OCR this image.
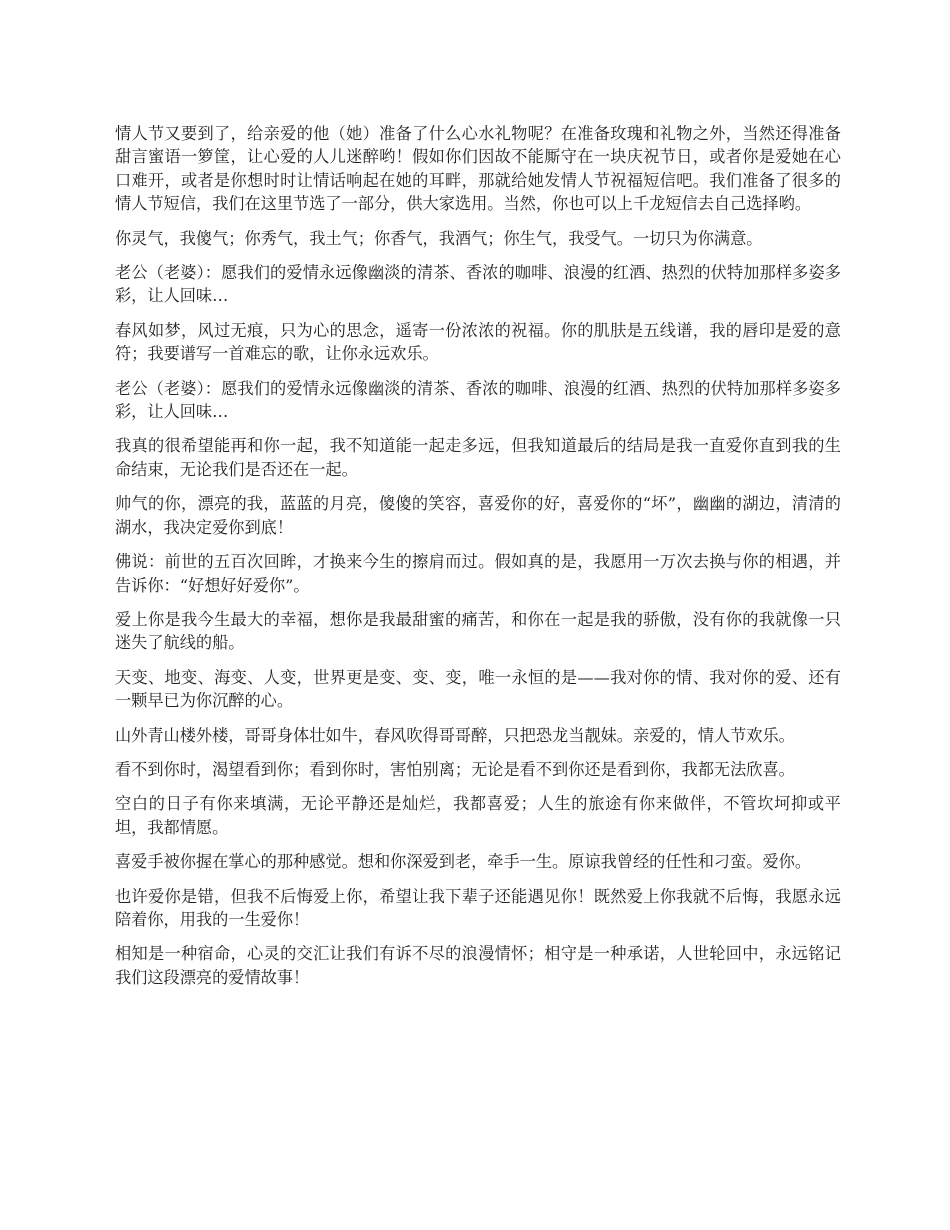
情人节又要到了，给亲爱的他（她）准备了什么心水礼物呢？在准备玫瑰和礼物之外，当然还得准备甜言蜜语一箩筐，让心爱的人儿迷醉哟！假如你们因故不能厮守在一块庆祝节日，或者你是爱她在心口难开，或者是你想时时让情话响起在她的耳畔，那就给她发情人节祝福短信吧。我们准备了很多的情人节短信，我们在这里节选了一部分，供大家选用。当然，你也可以上千龙短信去自己选择哟。

你灵气，我傻气；你秀气，我土气；你香气，我酒气；你生气，我受气。一切只为你满意。

老公（老婆）：愿我们的爱情永远像幽淡的清茶、香浓的咖啡、浪漫的红酒、热烈的伏特加那样多姿多彩，让人回味…

春风如梦，风过无痕，只为心的思念，遥寄一份浓浓的祝福。你的肌肤是五线谱，我的唇印是爱的意符；我要谱写一首难忘的歌，让你永远欢乐。

老公（老婆）：愿我们的爱情永远像幽淡的清茶、香浓的咖啡、浪漫的红酒、热烈的伏特加那样多姿多彩，让人回味…

我真的很希望能再和你一起，我不知道能一起走多远，但我知道最后的结局是我一直爱你直到我的生命结束，无论我们是否还在一起。

帅气的你，漂亮的我，蓝蓝的月亮，傻傻的笑容，喜爱你的好，喜爱你的“坏”，幽幽的湖边，清清的湖水，我决定爱你到底！

佛说：前世的五百次回眸，才换来今生的擦肩而过。假如真的是，我愿用一万次去换与你的相遇，并告诉你：“好想好好爱你”。

爱上你是我今生最大的幸福，想你是我最甜蜜的痛苦，和你在一起是我的骄傲，没有你的我就像一只迷失了航线的船。

天变、地变、海变、人变，世界更是变、变、变，唯一永恒的是——我对你的情、我对你的爱、还有一颗早已为你沉醉的心。

山外青山楼外楼，哥哥身体壮如牛，春风吹得哥哥醉，只把恐龙当靓妹。亲爱的，情人节欢乐。

看不到你时，渴望看到你；看到你时，害怕别离；无论是看不到你还是看到你，我都无法欣喜。

空白的日子有你来填满，无论平静还是灿烂，我都喜爱；人生的旅途有你来做伴，不管坎坷抑或平坦，我都情愿。

喜爱手被你握在掌心的那种感觉。想和你深爱到老，牵手一生。原谅我曾经的任性和刁蛮。爱你。

也许爱你是错，但我不后悔爱上你，希望让我下辈子还能遇见你！既然爱上你我就不后悔，我愿永远陪着你，用我的一生爱你！

相知是一种宿命，心灵的交汇让我们有诉不尽的浪漫情怀；相守是一种承诺，人世轮回中，永远铭记我们这段漂亮的爱情故事！
